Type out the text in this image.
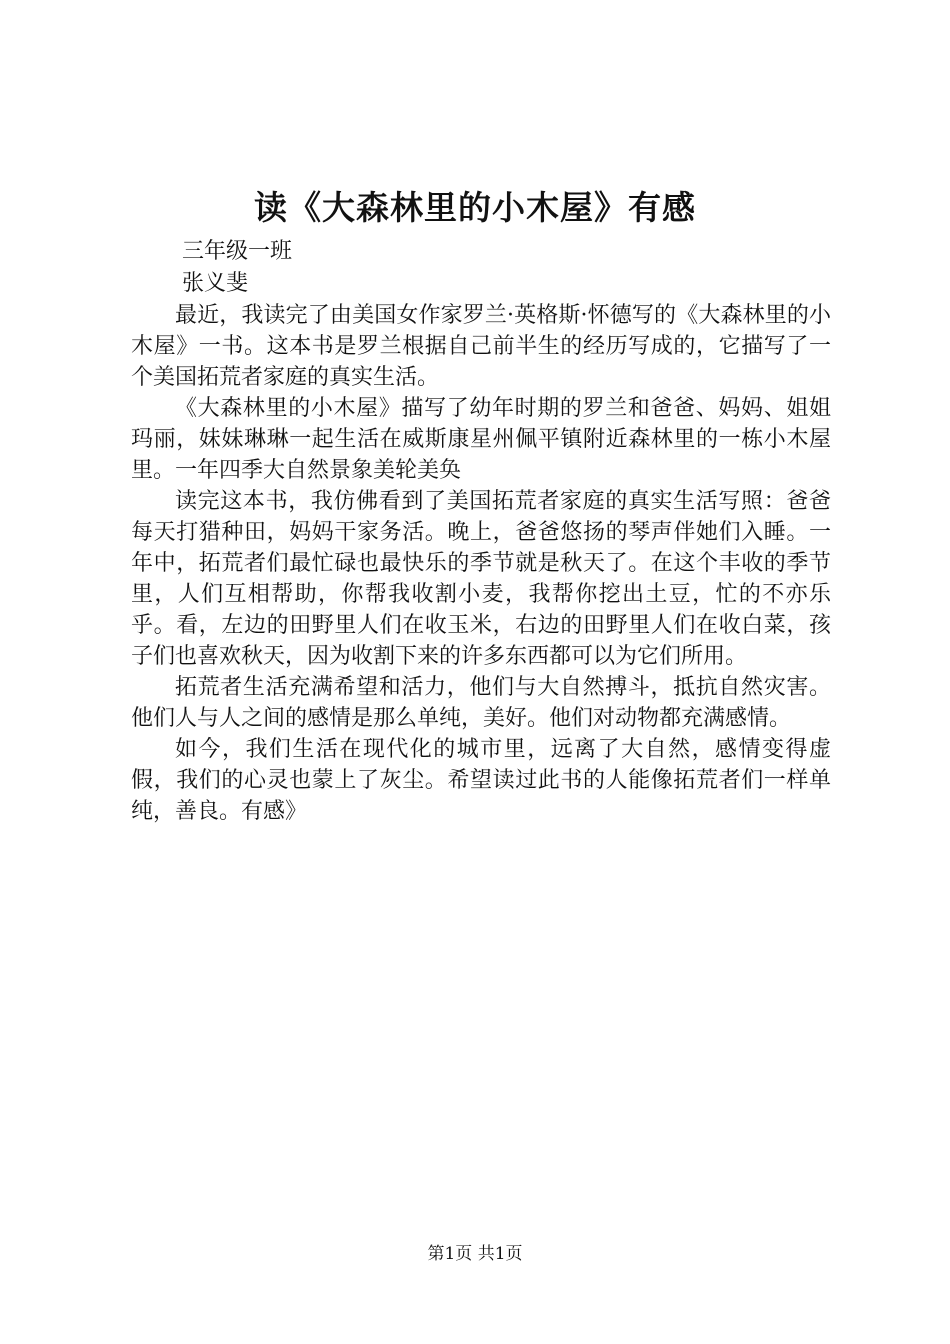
读《大森林里的小木屋》有感
三年级一班
张义斐

最近，我读完了由美国女作家罗兰·英格斯·怀德写的《大森林里的小木屋》一书。这本书是罗兰根据自己前半生的经历写成的，它描写了一个美国拓荒者家庭的真实生活。

《大森林里的小木屋》描写了幼年时期的罗兰和爸爸、妈妈、姐姐玛丽，妹妹琳琳一起生活在威斯康星州佩平镇附近森林里的一栋小木屋里。一年四季大自然景象美轮美奂

读完这本书，我仿佛看到了美国拓荒者家庭的真实生活写照：爸爸每天打猎种田，妈妈干家务活。晚上，爸爸悠扬的琴声伴她们入睡。一年中，拓荒者们最忙碌也最快乐的季节就是秋天了。在这个丰收的季节里，人们互相帮助，你帮我收割小麦，我帮你挖出土豆，忙的不亦乐乎。看，左边的田野里人们在收玉米，右边的田野里人们在收白菜，孩子们也喜欢秋天，因为收割下来的许多东西都可以为它们所用。

拓荒者生活充满希望和活力，他们与大自然搏斗，抵抗自然灾害。他们人与人之间的感情是那么单纯，美好。他们对动物都充满感情。

如今，我们生活在现代化的城市里，远离了大自然，感情变得虚假，我们的心灵也蒙上了灰尘。希望读过此书的人能像拓荒者们一样单纯，善良。有感》

第1页 共1页
